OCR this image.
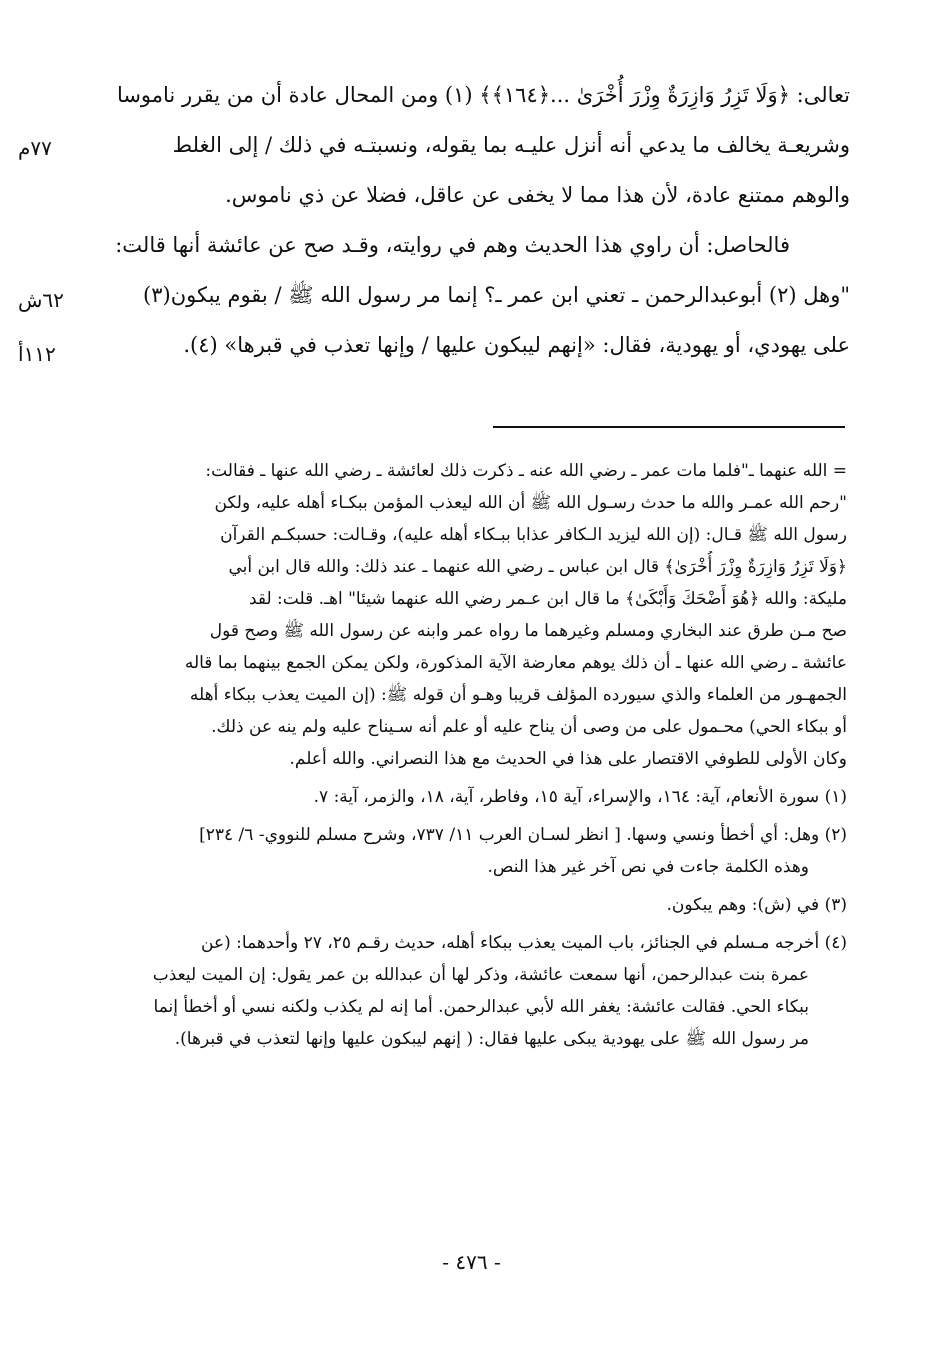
تعالى: ﴿وَلَا تَزِرُ وَازِرَةٌ وِزْرَ أُخْرَىٰ ...﴿١٦٤﴾﴾ (١) ومن المحال عادة أن من يقرر ناموسا
وشريعـة يخالف ما يدعي أنه أنزل عليـه بما يقوله، ونسبتـه في ذلك / إلى الغلط
والوهم ممتنع عادة، لأن هذا مما لا يخفى عن عاقل، فضلا عن ذي ناموس.
فالحاصل: أن راوي هذا الحديث وهم في روايته، وقـد صح عن عائشة أنها قالت:
"وهل (٢) أبوعبدالرحمن ـ تعني ابن عمر ـ؟ إنما مر رسول الله ﷺ / بقوم يبكون(٣)
على يهودي، أو يهودية، فقال: «إنهم ليبكون عليها / وإنها تعذب في قبرها» (٤).
٧٧م
٦٢ش
١١٢أ
= الله عنهما ـ"فلما مات عمر ـ رضي الله عنه ـ ذكرت ذلك لعائشة ـ رضي الله عنها ـ فقالت:
"رحم الله عمـر والله ما حدث رسـول الله ﷺ أن الله ليعذب المؤمن ببكـاء أهله عليه، ولكن
رسول الله ﷺ قـال: (إن الله ليزيد الـكافر عذابا ببـكاء أهله عليه)، وقـالت: حسبكـم القرآن
﴿وَلَا تَزِرُ وَازِرَةٌ وِزْرَ أُخْرَىٰ﴾ قال ابن عباس ـ رضي الله عنهما ـ عند ذلك: والله قال ابن أبي
مليكة: والله ﴿هُوَ أَضْحَكَ وَأَبْكَىٰ﴾ ما قال ابن عـمر رضي الله عنهما شيئا" اهـ. قلت: لقد
صح مـن طرق عند البخاري ومسلم وغيرهما ما رواه عمر وابنه عن رسول الله ﷺ وصح قول
عائشة ـ رضي الله عنها ـ أن ذلك يوهم معارضة الآية المذكورة، ولكن يمكن الجمع بينهما بما قاله
الجمهـور من العلماء والذي سيورده المؤلف قريبا وهـو أن قوله ﷺ: (إن الميت يعذب ببكاء أهله
أو ببكاء الحي) محـمول على من وصى أن يناح عليه أو علم أنه سـيناح عليه ولم ينه عن ذلك.
وكان الأولى للطوفي الاقتصار على هذا في الحديث مع هذا النصراني. والله أعلم.
(١) سورة الأنعام، آية: ١٦٤، والإسراء، آية ١٥، وفاطر، آية، ١٨، والزمر، آية: ٧.
(٢) وهل: أي أخطأ ونسي وسها. [ انظر لسـان العرب ١١/ ٧٣٧، وشرح مسلم للنووي- ٦/ ٢٣٤]
وهذه الكلمة جاءت في نص آخر غير هذا النص.
(٣) في (ش): وهم يبكون.
(٤) أخرجه مـسلم في الجنائز، باب الميت يعذب ببكاء أهله، حديث رقـم ٢٥، ٢٧ وأحدهما: (عن
عمرة بنت عبدالرحمن، أنها سمعت عائشة، وذكر لها أن عبدالله بن عمر يقول: إن الميت ليعذب
ببكاء الحي. فقالت عائشة: يغفر الله لأبي عبدالرحمن. أما إنه لم يكذب ولكنه نسي أو أخطأ إنما
مر رسول الله ﷺ على يهودية يبكى عليها فقال: ( إنهم ليبكون عليها وإنها لتعذب في قبرها).
- ٤٧٦ -
